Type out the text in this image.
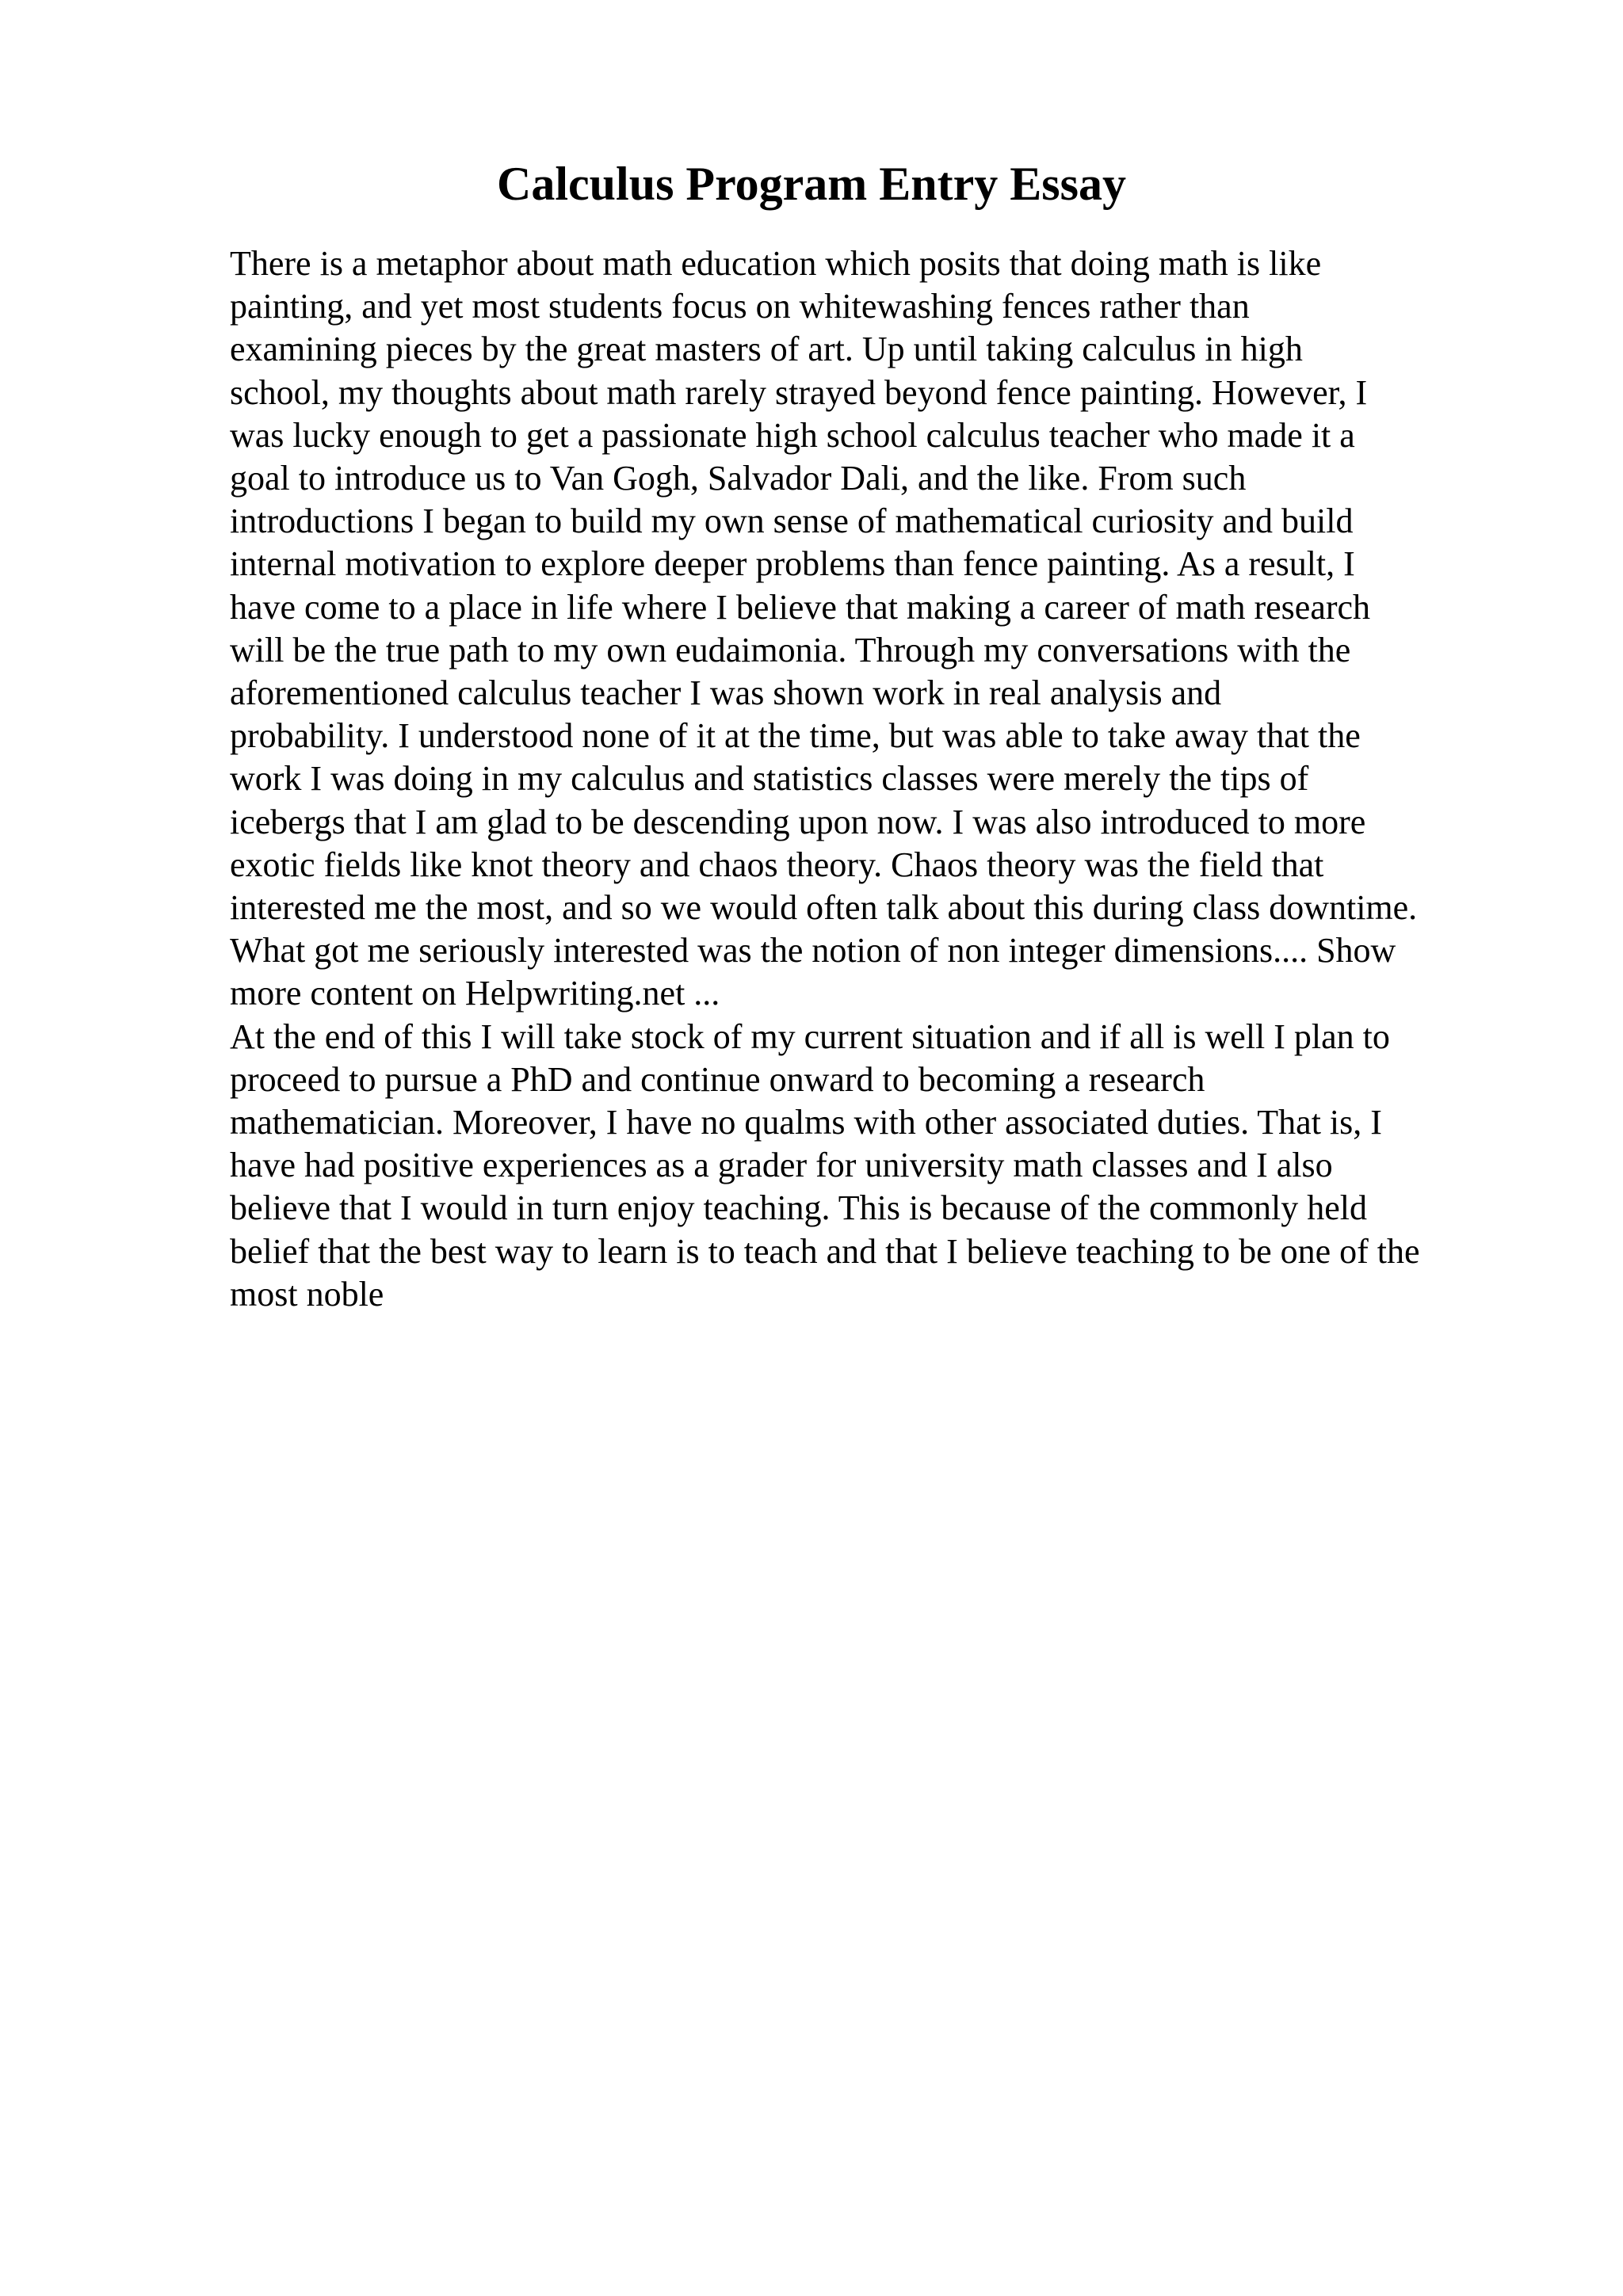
Calculus Program Entry Essay
There is a metaphor about math education which posits that doing math is like
painting, and yet most students focus on whitewashing fences rather than
examining pieces by the great masters of art. Up until taking calculus in high
school, my thoughts about math rarely strayed beyond fence painting. However, I
was lucky enough to get a passionate high school calculus teacher who made it a
goal to introduce us to Van Gogh, Salvador Dali, and the like. From such
introductions I began to build my own sense of mathematical curiosity and build
internal motivation to explore deeper problems than fence painting. As a result, I
have come to a place in life where I believe that making a career of math research
will be the true path to my own eudaimonia. Through my conversations with the
aforementioned calculus teacher I was shown work in real analysis and
probability. I understood none of it at the time, but was able to take away that the
work I was doing in my calculus and statistics classes were merely the tips of
icebergs that I am glad to be descending upon now. I was also introduced to more
exotic fields like knot theory and chaos theory. Chaos theory was the field that
interested me the most, and so we would often talk about this during class downtime.
What got me seriously interested was the notion of non integer dimensions.... Show
more content on Helpwriting.net ...
At the end of this I will take stock of my current situation and if all is well I plan to
proceed to pursue a PhD and continue onward to becoming a research
mathematician. Moreover, I have no qualms with other associated duties. That is, I
have had positive experiences as a grader for university math classes and I also
believe that I would in turn enjoy teaching. This is because of the commonly held
belief that the best way to learn is to teach and that I believe teaching to be one of the
most noble
